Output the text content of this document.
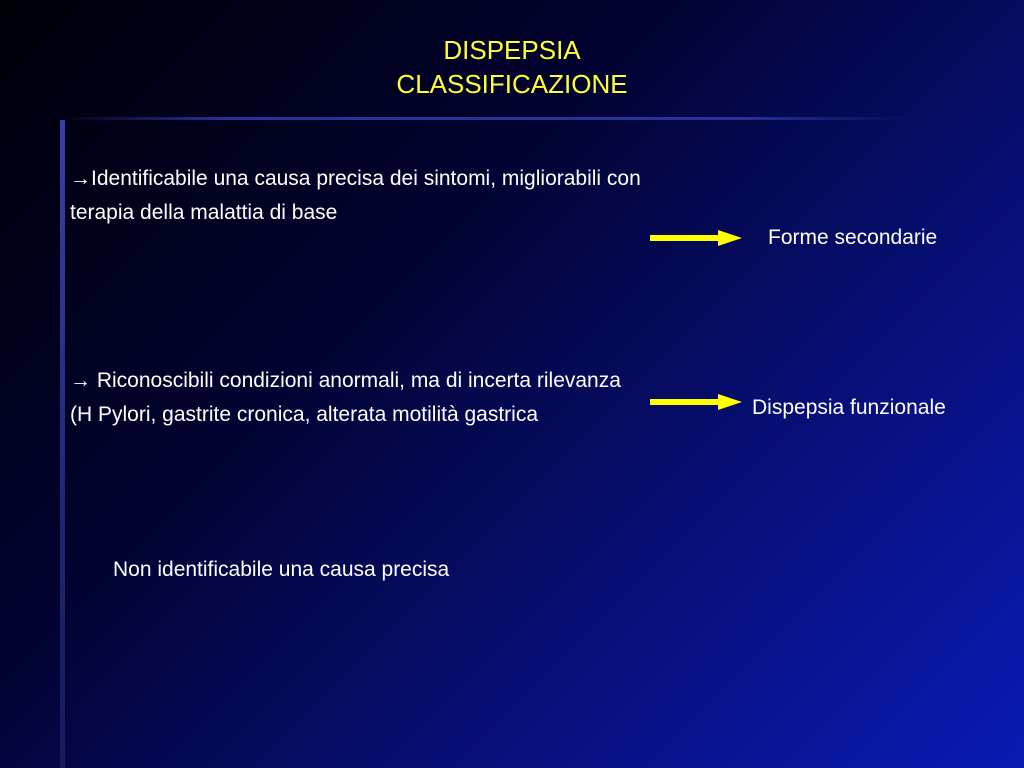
DISPEPSIA
CLASSIFICAZIONE
→Identificabile una causa precisa dei sintomi, migliorabili con terapia della malattia di base
Forme secondarie
→ Riconoscibili condizioni anormali, ma di incerta rilevanza (H Pylori, gastrite cronica, alterata motilità gastrica	Dispepsia funzionale
Non identificabile una causa precisa
